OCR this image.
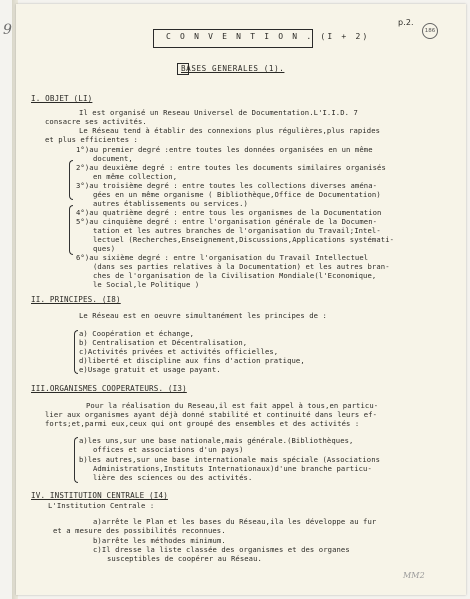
9	p.2.
186
C O N V E N T I O N . (I + 2)
BASES GENERALES (1).
I. OBJET (LI)
Il est organisé un Reseau Universel de Documentation.L'I.I.D. 7
consacre ses activités.
Le Réseau tend à établir des connexions plus régulières,plus rapides
et plus efficientes :
1°)au premier degré :entre toutes les données organisées en un même
document,
2°)au deuxième degré : entre toutes les documents similaires organisés
en même collection,
3°)au troisième degré : entre toutes les collections diverses aména-
gées en un même organisme ( Bibliothèque,Office de Documentation)
autres établissements ou services.)
4°)au quatrième degré : entre tous les organismes de la Documentation
5°)au cinquième degré : entre l'organisation générale de la Documen-
tation et les autres branches de l'organisation du Travail;Intel-
lectuel (Recherches,Enseignement,Discussions,Applications systémati-
ques)
6°)au sixième degré : entre l'organisation du Travail Intellectuel
(dans ses parties relatives à la Documentation) et les autres bran-
ches de l'organisation de la Civilisation Mondiale(l'Economique,
le Social,le Politique )
II. PRINCIPES. (I8)
Le Réseau est en oeuvre simultanément les principes de :
a) Coopération et échange,
b) Centralisation et Décentralisation,
c)Activités privées et activités officielles,
d)liberté et discipline aux fins d'action pratique,
e)Usage gratuit et usage payant.
III.ORGANISMES COOPERATEURS. (I3)
Pour la réalisation du Reseau,il est fait appel à tous,en particu-
lier aux organismes ayant déjà donné stabilité et continuité dans leurs ef-
forts;et,parmi eux,ceux qui ont groupé des ensembles et des activités :
a)les uns,sur une base nationale,mais générale.(Bibliothèques,
offices et associations d'un pays)
b)les autres,sur une base internationale mais spéciale (Associations
Administrations,Instituts Internationaux)d'une branche particu-
lière des sciences ou des activités.
IV. INSTITUTION CENTRALE (I4)
L'Institution Centrale :
a)arrête le Plan et les bases du Réseau,ila les développe au fur
et a mesure des possibilités reconnues.
b)arrête les méthodes minimum.
c)Il dresse la liste classée des organismes et des organes
susceptibles de coopérer au Réseau.
MM2
